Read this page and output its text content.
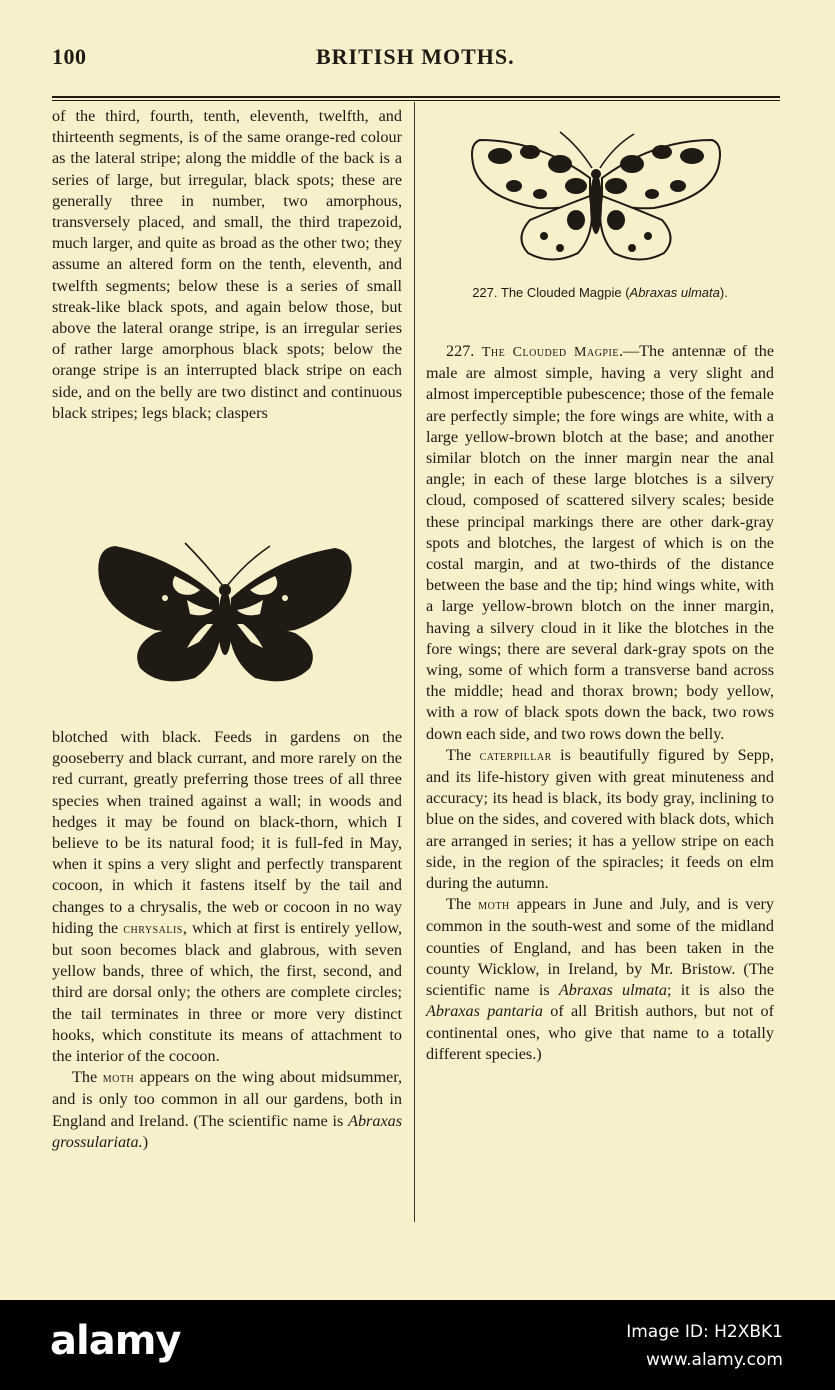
100	BRITISH MOTHS.

of the third, fourth, tenth, eleventh, twelfth, and thirteenth segments, is of the same orange-red colour as the lateral stripe; along the middle of the back is a series of large, but irregular, black spots; these are generally three in number, two amorphous, transversely placed, and small, the third trapezoid, much larger, and quite as broad as the other two; they assume an altered form on the tenth, eleventh, and twelfth segments; below these is a series of small streak-like black spots, and again below those, but above the lateral orange stripe, is an irregular series of rather large amorphous black spots; below the orange stripe is an interrupted black stripe on each side, and on the belly are two distinct and continuous black stripes; legs black; claspers

blotched with black. Feeds in gardens on the gooseberry and black currant, and more rarely on the red currant, greatly preferring those trees of all three species when trained against a wall; in woods and hedges it may be found on black-thorn, which I believe to be its natural food; it is full-fed in May, when it spins a very slight and perfectly transparent cocoon, in which it fastens itself by the tail and changes to a chrysalis, the web or cocoon in no way hiding the chrysalis, which at first is entirely yellow, but soon becomes black and glabrous, with seven yellow bands, three of which, the first, second, and third are dorsal only; the others are complete circles; the tail terminates in three or more very distinct hooks, which constitute its means of attachment to the interior of the cocoon.

The moth appears on the wing about midsummer, and is only too common in all our gardens, both in England and Ireland. (The scientific name is Abraxas grossulariata.)

227. The Clouded Magpie (Abraxas ulmata).

227. The Clouded Magpie.—The antennæ of the male are almost simple, having a very slight and almost imperceptible pubescence; those of the female are perfectly simple; the fore wings are white, with a large yellow-brown blotch at the base; and another similar blotch on the inner margin near the anal angle; in each of these large blotches is a silvery cloud, composed of scattered silvery scales; beside these principal markings there are other dark-gray spots and blotches, the largest of which is on the costal margin, and at two-thirds of the distance between the base and the tip; hind wings white, with a large yellow-brown blotch on the inner margin, having a silvery cloud in it like the blotches in the fore wings; there are several dark-gray spots on the wing, some of which form a transverse band across the middle; head and thorax brown; body yellow, with a row of black spots down the back, two rows down each side, and two rows down the belly.

The caterpillar is beautifully figured by Sepp, and its life-history given with great minuteness and accuracy; its head is black, its body gray, inclining to blue on the sides, and covered with black dots, which are arranged in series; it has a yellow stripe on each side, in the region of the spiracles; it feeds on elm during the autumn.

The moth appears in June and July, and is very common in the south-west and some of the midland counties of England, and has been taken in the county Wicklow, in Ireland, by Mr. Bristow. (The scientific name is Abraxas ulmata; it is also the Abraxas pantaria of all British authors, but not of continental ones, who give that name to a totally different species.)

alamy	Image ID: H2XBK1
www.alamy.com
